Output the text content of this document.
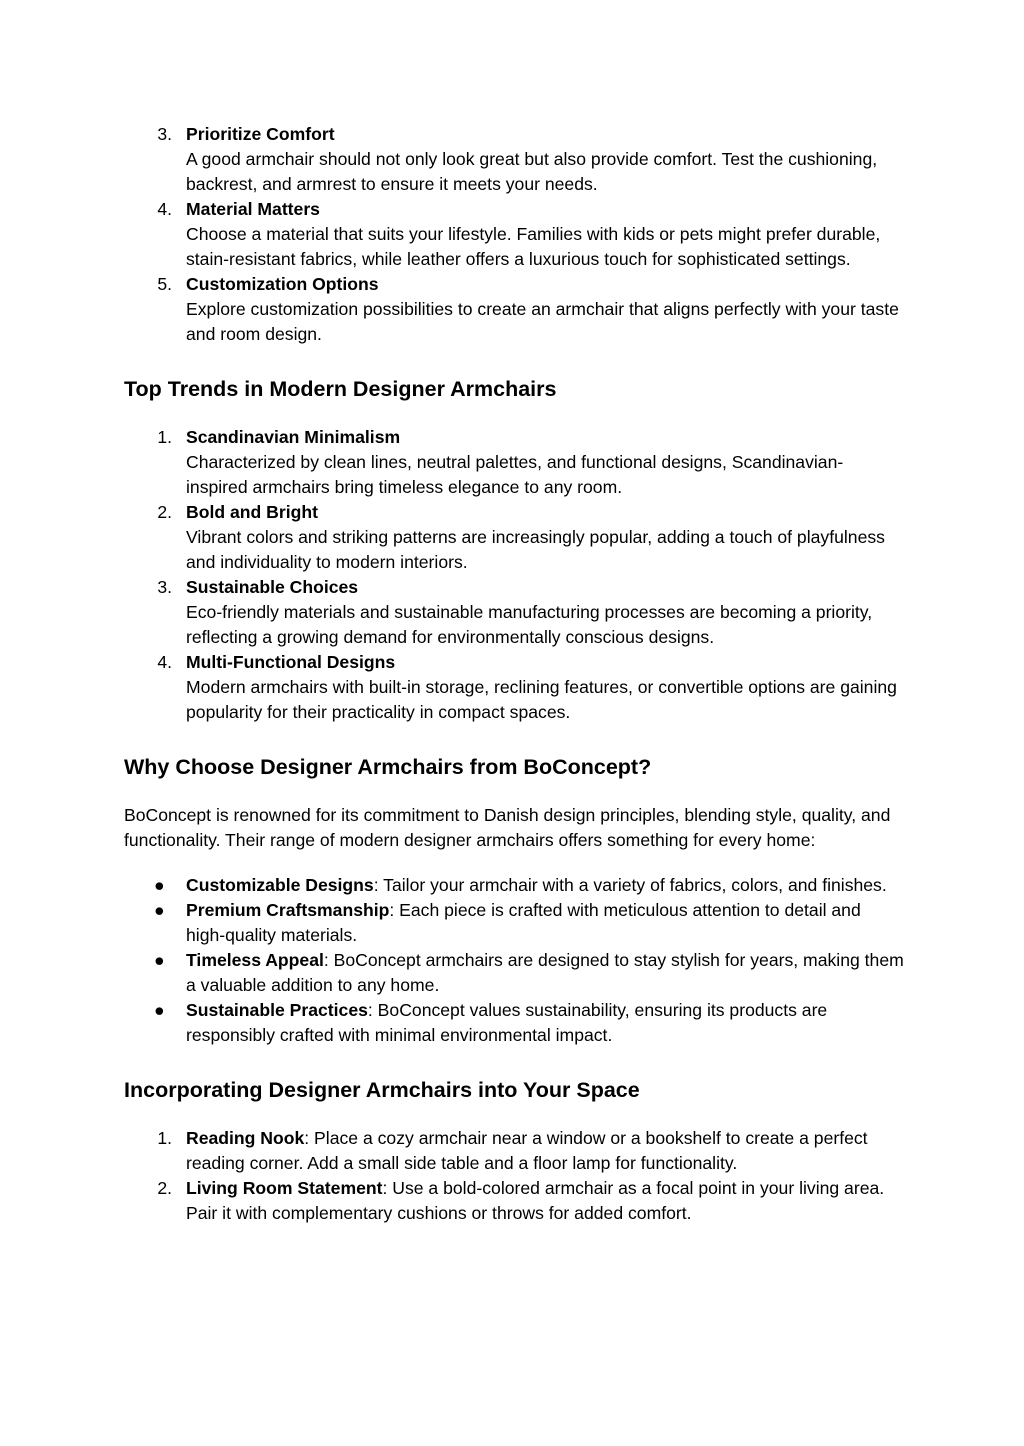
3. Prioritize Comfort
A good armchair should not only look great but also provide comfort. Test the cushioning, backrest, and armrest to ensure it meets your needs.
4. Material Matters
Choose a material that suits your lifestyle. Families with kids or pets might prefer durable, stain-resistant fabrics, while leather offers a luxurious touch for sophisticated settings.
5. Customization Options
Explore customization possibilities to create an armchair that aligns perfectly with your taste and room design.
Top Trends in Modern Designer Armchairs
1. Scandinavian Minimalism
Characterized by clean lines, neutral palettes, and functional designs, Scandinavian-inspired armchairs bring timeless elegance to any room.
2. Bold and Bright
Vibrant colors and striking patterns are increasingly popular, adding a touch of playfulness and individuality to modern interiors.
3. Sustainable Choices
Eco-friendly materials and sustainable manufacturing processes are becoming a priority, reflecting a growing demand for environmentally conscious designs.
4. Multi-Functional Designs
Modern armchairs with built-in storage, reclining features, or convertible options are gaining popularity for their practicality in compact spaces.
Why Choose Designer Armchairs from BoConcept?

BoConcept is renowned for its commitment to Danish design principles, blending style, quality, and functionality. Their range of modern designer armchairs offers something for every home:

● Customizable Designs: Tailor your armchair with a variety of fabrics, colors, and finishes.
● Premium Craftsmanship: Each piece is crafted with meticulous attention to detail and high-quality materials.
● Timeless Appeal: BoConcept armchairs are designed to stay stylish for years, making them a valuable addition to any home.
● Sustainable Practices: BoConcept values sustainability, ensuring its products are responsibly crafted with minimal environmental impact.
Incorporating Designer Armchairs into Your Space
1. Reading Nook: Place a cozy armchair near a window or a bookshelf to create a perfect reading corner. Add a small side table and a floor lamp for functionality.
2. Living Room Statement: Use a bold-colored armchair as a focal point in your living area. Pair it with complementary cushions or throws for added comfort.
